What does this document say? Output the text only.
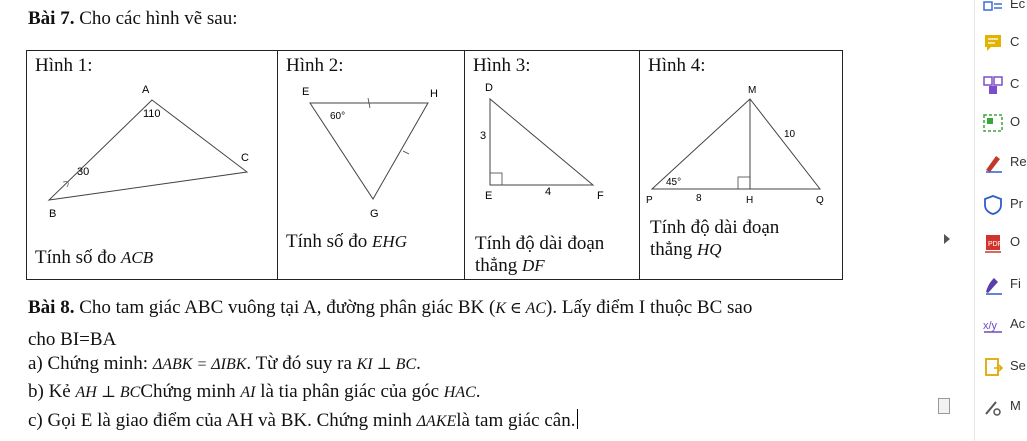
Bài 7. Cho các hình vẽ sau:
Hình 1:
A
110
30
B
C
Tính số đo ACB

Hình 2:
E	H
G
60°
Tính số đo EHG

Hình 3:
D
3
E	4	F
Tính độ dài đoạn
thẳng DF

Hình 4:
M
10
45°
P	8	H	Q
Tính độ dài đoạn
thẳng HQ
Bài 8. Cho tam giác ABC vuông tại A, đường phân giác BK (K ∈ AC). Lấy điểm I thuộc BC sao
cho BI=BA
a) Chứng minh: ΔABK = ΔIBK. Từ đó suy ra KI ⊥ BC.
b) Kẻ AH ⊥ BCChứng minh AI là tia phân giác của góc HAC.
c) Gọi E là giao điểm của AH và BK. Chứng minh ΔAKElà tam giác cân.
Ec
C
C
O
Re
Pr
PDF O
Fi
x/y Ac
Se
M
